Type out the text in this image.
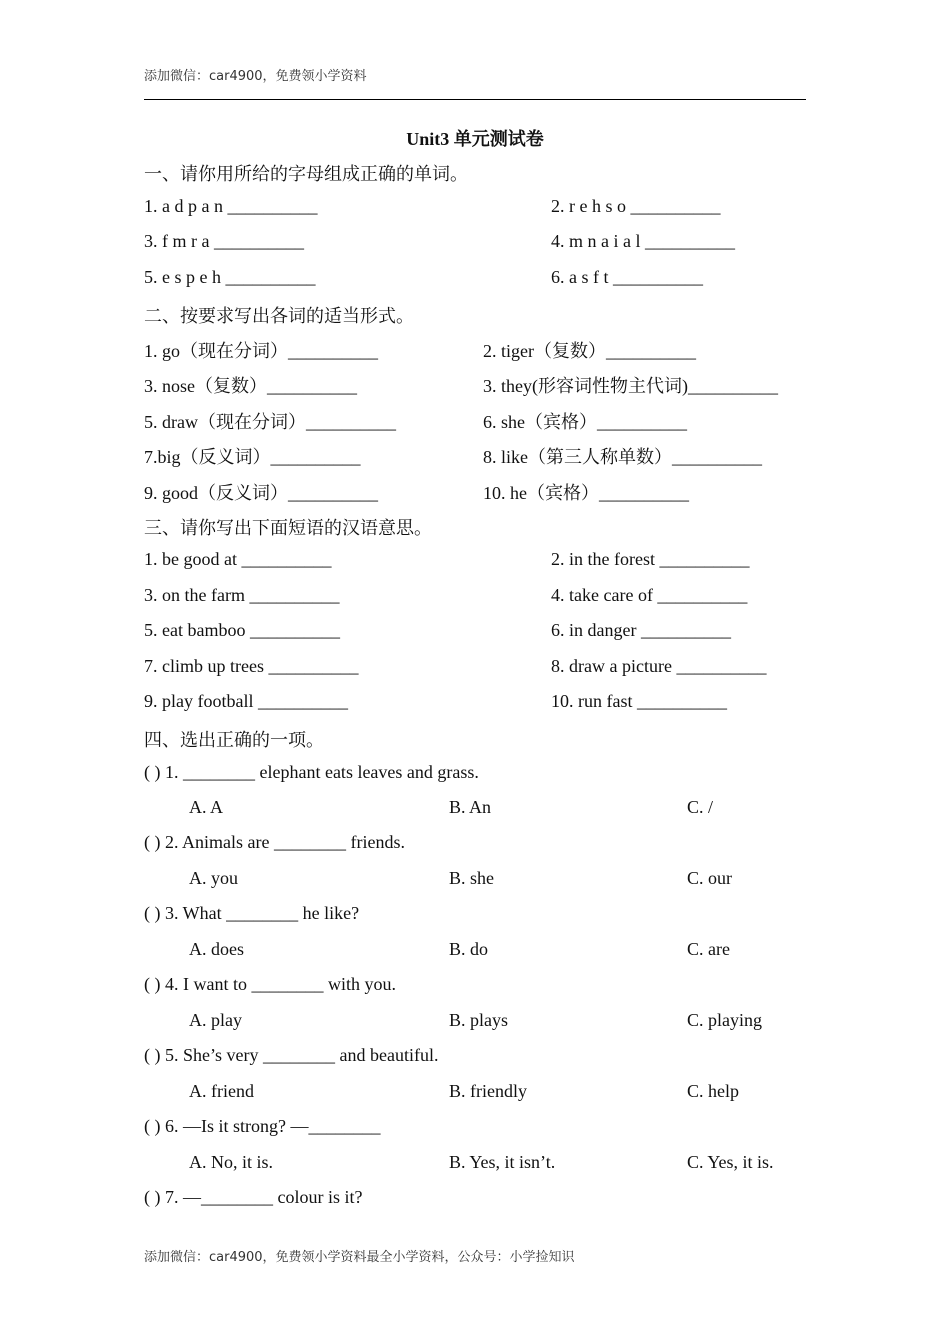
添加微信：car4900，免费领小学资料
Unit3 单元测试卷
一、请你用所给的字母组成正确的单词。
1. a d p a n __________	2. r e h s o __________
3. f m r a __________	4. m n a i a l __________
5. e s p e h __________	6. a s f t __________
二、按要求写出各词的适当形式。
1. go（现在分词）__________	2. tiger（复数）__________
3. nose（复数）__________	3. they(形容词性物主代词)__________
5. draw（现在分词）__________	6. she（宾格）__________
7.big（反义词）__________	8. like（第三人称单数）__________
9. good（反义词）__________	10. he（宾格）__________
三、请你写出下面短语的汉语意思。
1. be good at __________	2. in the forest __________
3. on the farm __________	4. take care of __________
5. eat bamboo __________	6. in danger __________
7. climb up trees __________	8. draw a picture __________
9. play football __________	10. run fast __________
四、选出正确的一项。
( ) 1. ________ elephant eats leaves and grass.
A. A	B. An	C. /
( ) 2. Animals are ________ friends.
A. you	B. she	C. our
( ) 3. What ________ he like?
A. does	B. do	C. are
( ) 4. I want to ________ with you.
A. play	B. plays	C. playing
( ) 5. She’s very ________ and beautiful.
A. friend	B. friendly	C. help
( ) 6. —Is it strong? —________
A. No, it is.	B. Yes, it isn’t.	C. Yes, it is.
( ) 7. —________ colour is it?
添加微信：car4900，免费领小学资料最全小学资料，公众号：小学捡知识
